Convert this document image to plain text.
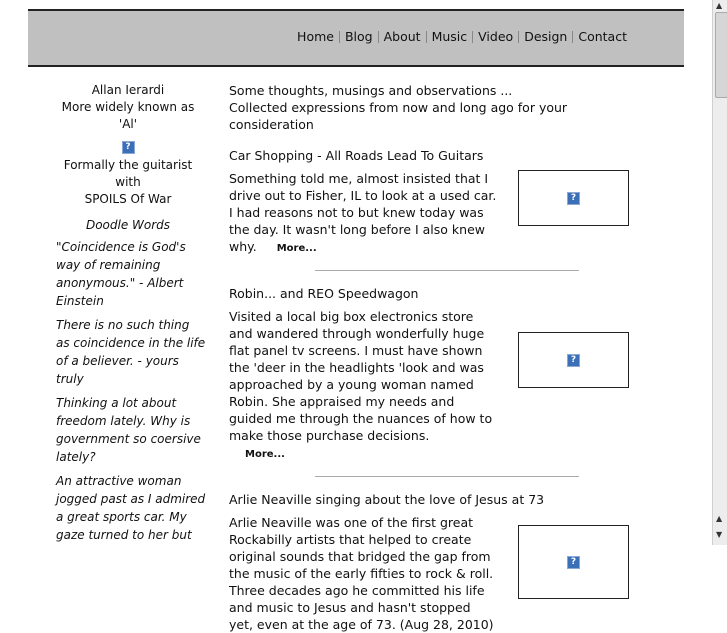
Home Blog About Music Video Design Contact
Allan Ierardi
More widely known as
'Al'
?
Formally the guitarist
with
SPOILS Of War
Doodle Words
"Coincidence is God's way of remaining anonymous." - Albert Einstein
There is no such thing as coincidence in the life of a believer. - yours truly
Thinking a lot about freedom lately. Why is government so coersive lately?
An attractive woman jogged past as I admired a great sports car. My gaze turned to her but
Some thoughts, musings and observations ...
Collected expressions from now and long ago for your consideration
Car Shopping - All Roads Lead To Guitars
Something told me, almost insisted that I drive out to Fisher, IL to look at a used car. I had reasons not to but knew today was the day. It wasn't long before I also knew why. More...
?
Robin... and REO Speedwagon
Visited a local big box electronics store and wandered through wonderfully huge flat panel tv screens. I must have shown the 'deer in the headlights 'look and was approached by a young woman named Robin. She appraised my needs and guided me through the nuances of how to make those purchase decisions.
More...
?
Arlie Neaville singing about the love of Jesus at 73
Arlie Neaville was one of the first great Rockabilly artists that helped to create original sounds that bridged the gap from the music of the early fifties to rock & roll. Three decades ago he committed his life and music to Jesus and hasn't stopped yet, even at the age of 73. (Aug 28, 2010)
?
▲
▲
▼
